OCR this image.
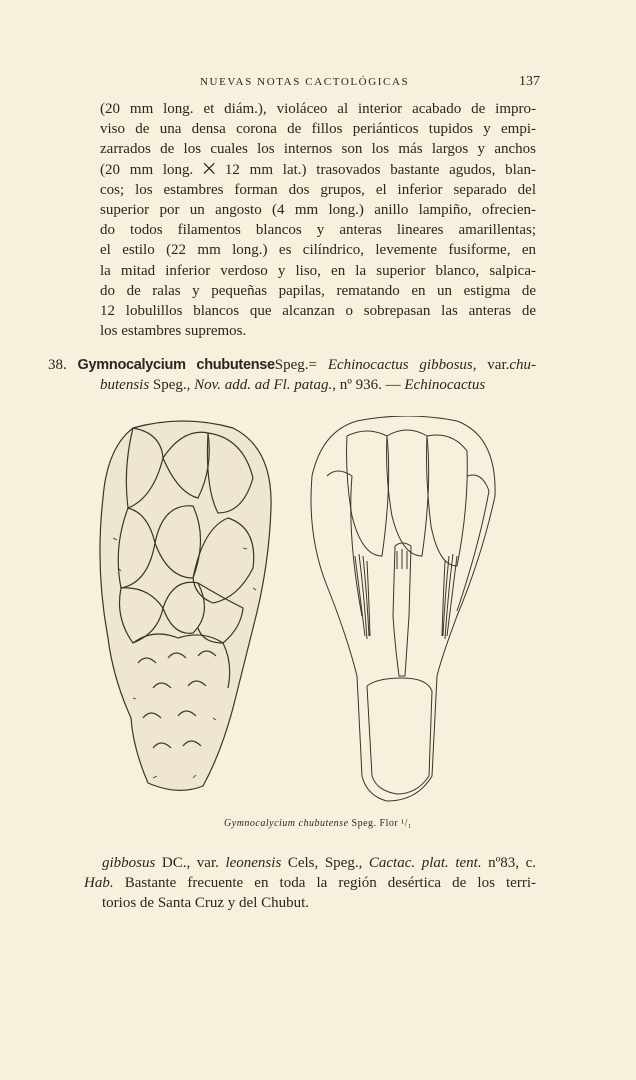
NUEVAS NOTAS CACTOLÓGICAS	137
(20 mm long. et diám.), violáceo al interior acabado de impro-
viso de una densa corona de fillos periánticos tupidos y empi-
zarrados de los cuales los internos son los más largos y anchos
(20 mm long. ⨉ 12 mm lat.) trasovados bastante agudos, blan-
cos; los estambres forman dos grupos, el inferior separado del
superior por un angosto (4 mm long.) anillo lampiño, ofrecien-
do todos filamentos blancos y anteras lineares amarillentas;
el estilo (22 mm long.) es cilíndrico, levemente fusiforme, en
la mitad inferior verdoso y liso, en la superior blanco, salpica-
do de ralas y pequeñas papilas, rematando en un estigma de
12 lobulillos blancos que alcanzan o sobrepasan las anteras de
los estambres supremos.
38. Gymnocalycium chubutenseSpeg.= Echinocactus gibbosus, var.chu-
butensis Speg., Nov. add. ad Fl. patag., nº 936. — Echinocactus
Gymnocalycium chubutense Speg. Flor ¹/₁
gibbosus DC., var. leonensis Cels, Speg., Cactac. plat. tent. nº83, c.
Hab. Bastante frecuente en toda la región desértica de los terri-
torios de Santa Cruz y del Chubut.
